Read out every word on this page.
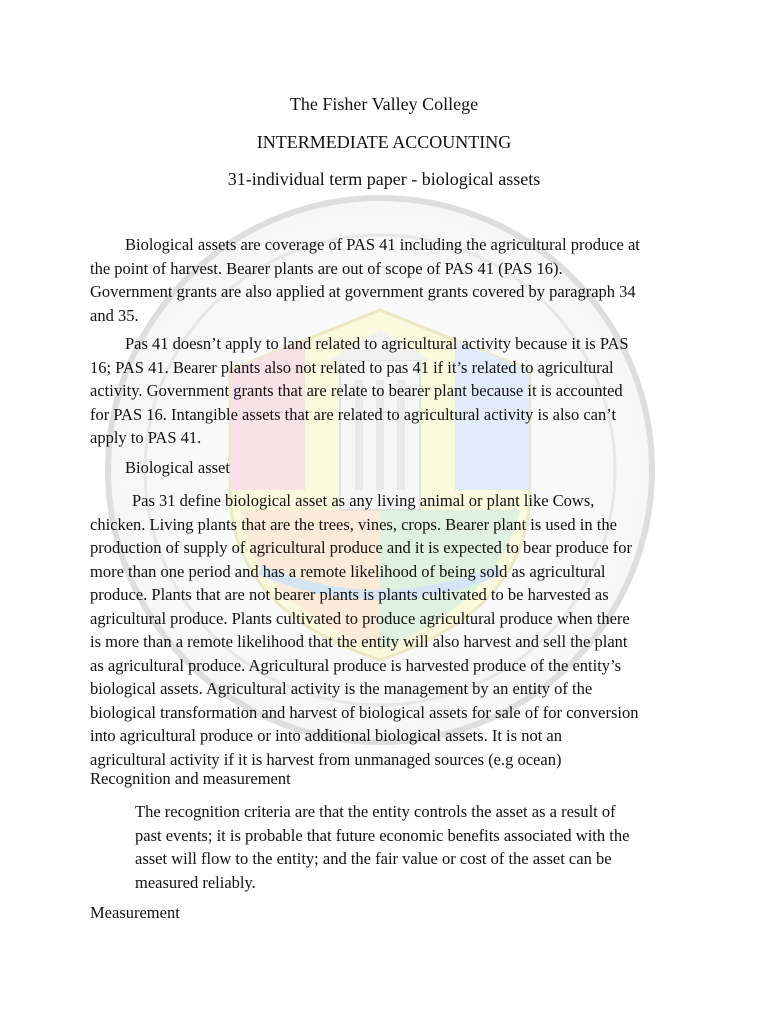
The Fisher Valley College
INTERMEDIATE ACCOUNTING
31-individual term paper - biological assets
Biological assets are coverage of PAS 41 including the agricultural produce at
the point of harvest. Bearer plants are out of scope of PAS 41 (PAS 16).
Government grants are also applied at government grants covered by paragraph 34
and 35.
Pas 41 doesn’t apply to land related to agricultural activity because it is PAS
16; PAS 41. Bearer plants also not related to pas 41 if it’s related to agricultural
activity. Government grants that are relate to bearer plant because it is accounted
for PAS 16. Intangible assets that are related to agricultural activity is also can’t
apply to PAS 41.
Biological asset
Pas 31 define biological asset as any living animal or plant like Cows,
chicken. Living plants that are the trees, vines, crops. Bearer plant is used in the
production of supply of agricultural produce and it is expected to bear produce for
more than one period and has a remote likelihood of being sold as agricultural
produce. Plants that are not bearer plants is plants cultivated to be harvested as
agricultural produce. Plants cultivated to produce agricultural produce when there
is more than a remote likelihood that the entity will also harvest and sell the plant
as agricultural produce. Agricultural produce is harvested produce of the entity’s
biological assets. Agricultural activity is the management by an entity of the
biological transformation and harvest of biological assets for sale of for conversion
into agricultural produce or into additional biological assets. It is not an
agricultural activity if it is harvest from unmanaged sources (e.g ocean)
Recognition and measurement
The recognition criteria are that the entity controls the asset as a result of
past events; it is probable that future economic benefits associated with the
asset will flow to the entity; and the fair value or cost of the asset can be
measured reliably.
Measurement
